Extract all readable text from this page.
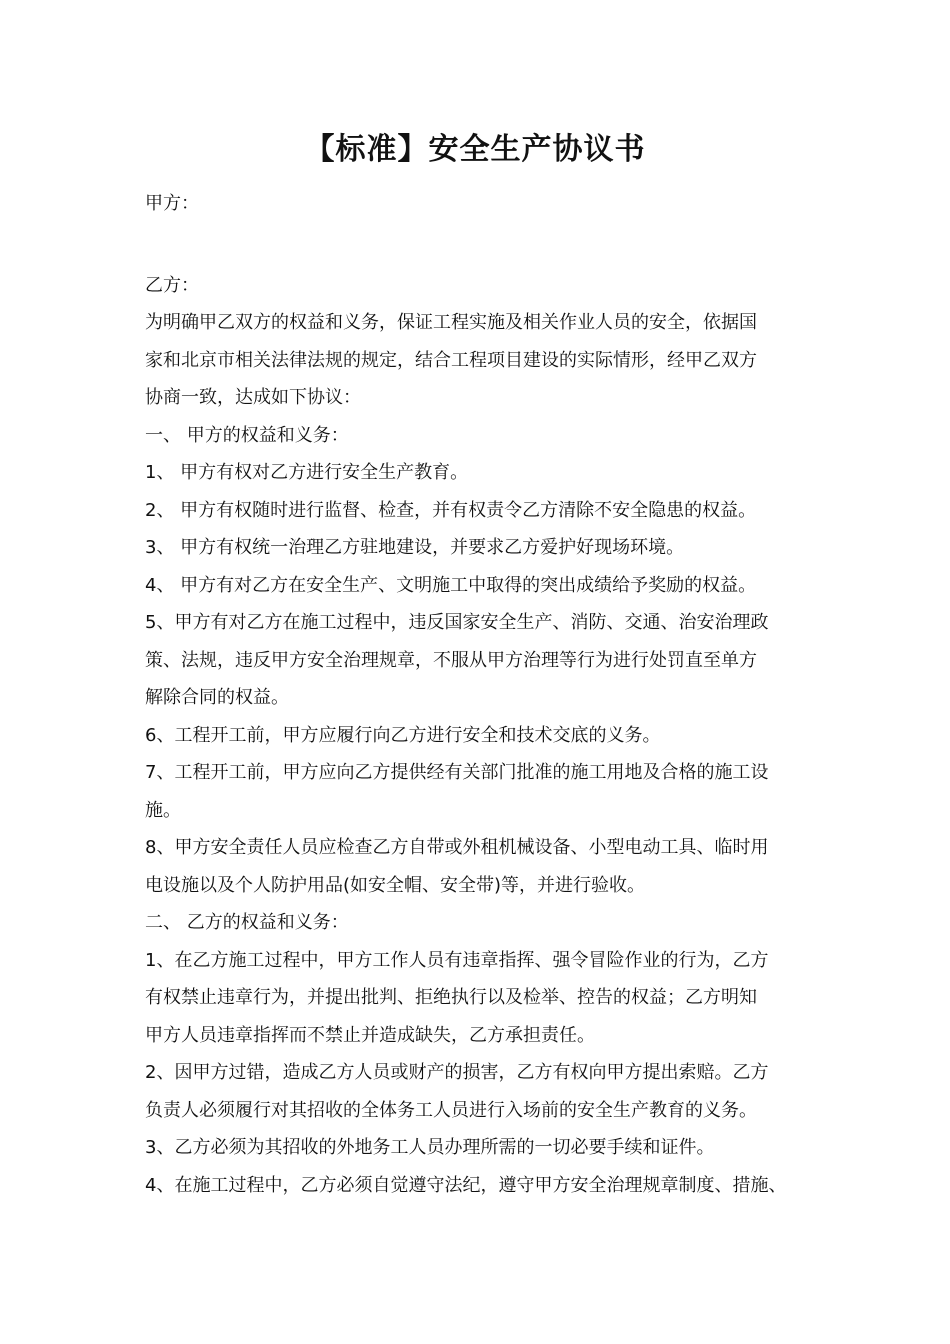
【标准】安全生产协议书

甲方：

乙方：

为明确甲乙双方的权益和义务，保证工程实施及相关作业人员的安全，依据国

家和北京市相关法律法规的规定，结合工程项目建设的实际情形，经甲乙双方

协商一致，达成如下协议：

一、 甲方的权益和义务：

1、 甲方有权对乙方进行安全生产教育。

2、 甲方有权随时进行监督、检查，并有权责令乙方清除不安全隐患的权益。

3、 甲方有权统一治理乙方驻地建设，并要求乙方爱护好现场环境。

4、 甲方有对乙方在安全生产、文明施工中取得的突出成绩给予奖励的权益。

5、甲方有对乙方在施工过程中，违反国家安全生产、消防、交通、治安治理政

策、法规，违反甲方安全治理规章，不服从甲方治理等行为进行处罚直至单方

解除合同的权益。

6、工程开工前，甲方应履行向乙方进行安全和技术交底的义务。

7、工程开工前，甲方应向乙方提供经有关部门批准的施工用地及合格的施工设

施。

8、甲方安全责任人员应检查乙方自带或外租机械设备、小型电动工具、临时用

电设施以及个人防护用品(如安全帽、安全带)等，并进行验收。

二、 乙方的权益和义务：

1、在乙方施工过程中，甲方工作人员有违章指挥、强令冒险作业的行为，乙方

有权禁止违章行为，并提出批判、拒绝执行以及检举、控告的权益；乙方明知

甲方人员违章指挥而不禁止并造成缺失，乙方承担责任。

2、因甲方过错，造成乙方人员或财产的损害，乙方有权向甲方提出索赔。乙方

负责人必须履行对其招收的全体务工人员进行入场前的安全生产教育的义务。

3、乙方必须为其招收的外地务工人员办理所需的一切必要手续和证件。

4、在施工过程中，乙方必须自觉遵守法纪，遵守甲方安全治理规章制度、措施、
